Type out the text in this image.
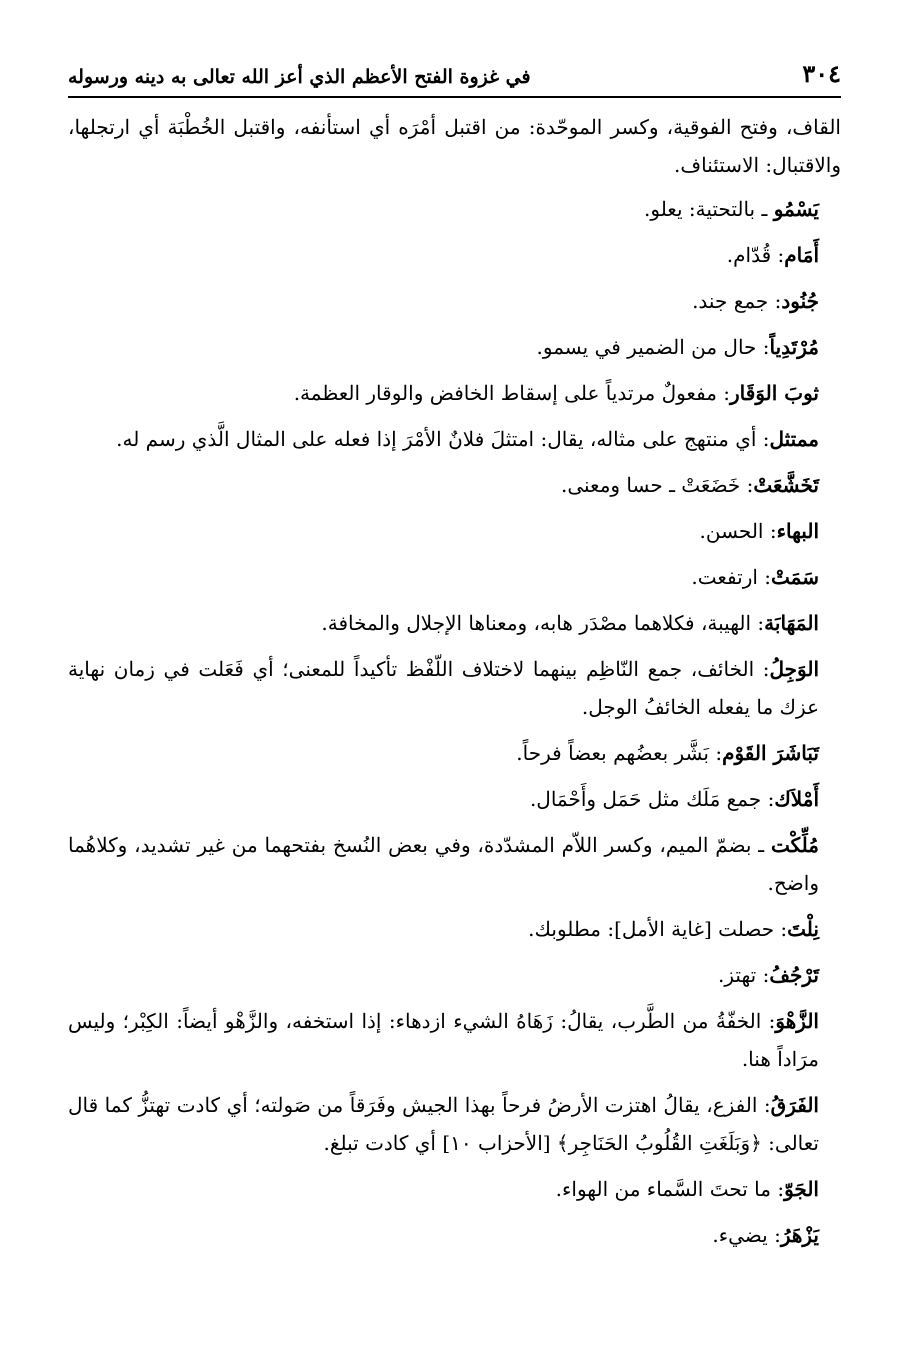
٣٠٤
في غزوة الفتح الأعظم الذي أعز الله تعالى به دينه ورسوله

القاف، وفتح الفوقية، وكسر الموحّدة: من اقتبل أمْرَه أي استأنفه، واقتبل الخُطْبَة أي ارتجلها، والاقتبال: الاستئناف.

يَسْمُو ـ بالتحتية: يعلو.

أَمَام: قُدّام.

جُنُود: جمع جند.

مُرْتَدِياً: حال من الضمير في يسمو.

ثوبَ الوَقَار: مفعولٌ مرتدياً على إسقاط الخافض والوقار العظمة.

ممتثل: أي منتهج على مثاله، يقال: امتثلَ فلانٌ الأمْرَ إذا فعله على المثال الَّذي رسم له.

تَخَشَّعَتْ: خَضَعَتْ ـ حسا ومعنى.

البهاء: الحسن.

سَمَتْ: ارتفعت.

المَهَابَة: الهيبة، فكلاهما مصْدَر هابه، ومعناها الإجلال والمخافة.

الوَجِلُ: الخائف، جمع النّاظِم بينهما لاختلاف اللّفْظ تأكيداً للمعنى؛ أي فَعَلت في زمان نهاية عزك ما يفعله الخائفُ الوجل.

تَبَاشَرَ القَوْم: بَشَّر بعضُهم بعضاً فرحاً.

أَمْلاَك: جمع مَلَك مثل حَمَل وأَحْمَال.

مُلِّكْت ـ بضمّ الميم، وكسر اللاّم المشدّدة، وفي بعض النُسخ بفتحهما من غير تشديد، وكلاهُما واضح.

نِلْتَ: حصلت [غاية الأمل]: مطلوبك.

تَرْجُفُ: تهتز.

الزَّهْوَ: الخفّةُ من الطَّرب، يقالُ: زَهَاهُ الشيء ازدهاء: إذا استخفه، والزَّهْو أيضاً: الكِبْر؛ وليس مرَاداً هنا.

الفَرَقُ: الفزع، يقالُ اهتزت الأرضُ فرحاً بهذا الجيش وفَرَقاً من صَولته؛ أي كادت تهتزُّ كما قال تعالى: ﴿وَبَلَغَتِ القُلُوبُ الحَنَاجِر﴾ [الأحزاب ١٠] أي كادت تبلغ.

الجَوّ: ما تحتَ السَّماء من الهواء.

يَزْهَرُ: يضيء.
